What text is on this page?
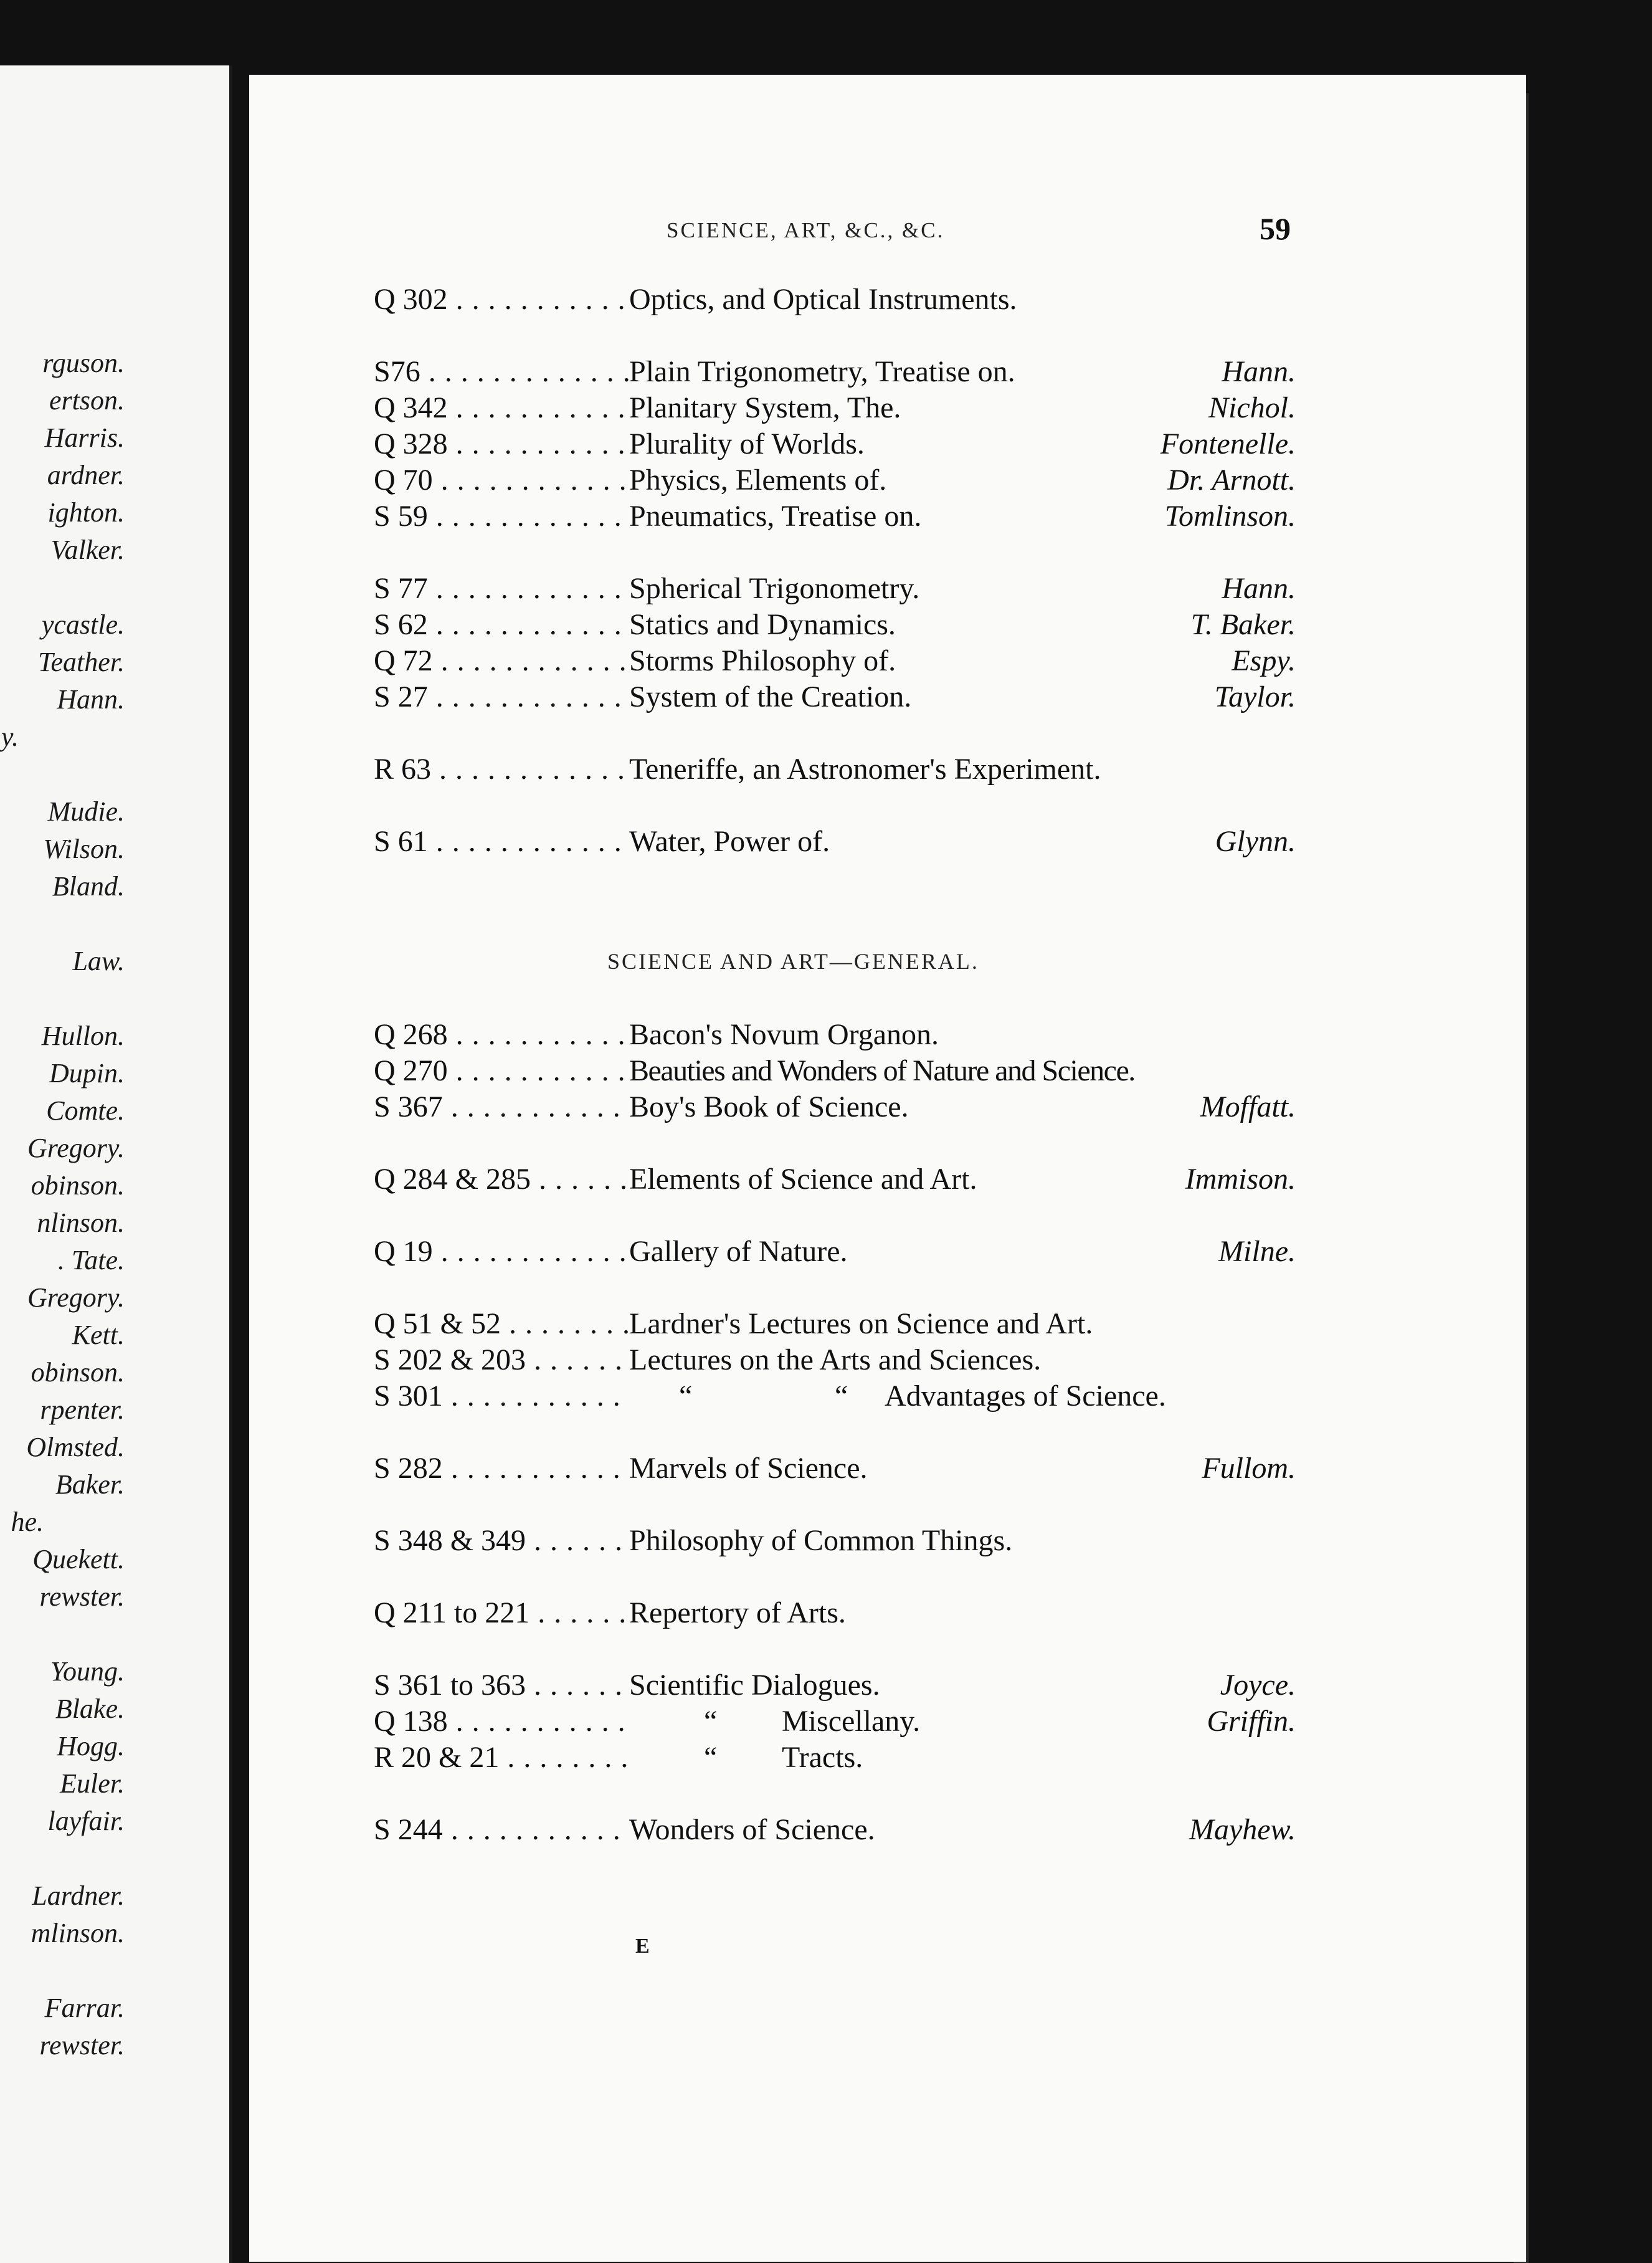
rguson.
ertson.
Harris.
ardner.
ighton.
Valker.
ycastle.
Teather.
Hann.
y.
Mudie.
Wilson.
Bland.
Law.
Hullon.
Dupin.
Comte.
Gregory.
obinson.
nlinson.
. Tate.
Gregory.
Kett.
obinson.
rpenter.
Olmsted.
Baker.
he.
Quekett.
rewster.
Young.
Blake.
Hogg.
Euler.
layfair.
Lardner.
mlinson.
Farrar.
rewster.
SCIENCE, ART, &C., &C.	59
Q 302 . . .	Optics, and Optical Instruments.
S76 . . .	Plain Trigonometry, Treatise on.	Hann.
Q 342 . . .	Planitary System, The.	Nichol.
Q 328 . . .	Plurality of Worlds.	Fontenelle.
Q 70 . . .	Physics, Elements of.	Dr. Arnott.
S 59 . . .	Pneumatics, Treatise on.	Tomlinson.
S 77 . . .	Spherical Trigonometry.	Hann.
S 62 . . .	Statics and Dynamics.	T. Baker.
Q 72 . . .	Storms Philosophy of.	Espy.
S 27 . . .	System of the Creation.	Taylor.
R 63 . . .	Teneriffe, an Astronomer's Experiment.
S 61 . . .	Water, Power of.	Glynn.
SCIENCE AND ART—GENERAL.
Q 268 . . .	Bacon's Novum Organon.
Q 270 . . .	Beauties and Wonders of Nature and Science.
S 367 . . .	Boy's Book of Science.	Moffatt.
Q 284 & 285 . . .	Elements of Science and Art.	Immison.
Q 19 . . .	Gallery of Nature.	Milne.
Q 51 & 52 . . .	Lardner's Lectures on Science and Art.
S 202 & 203 . . .	Lectures on the Arts and Sciences.
S 301 . . .	“	“ Advantages of Science.
S 282 . . .	Marvels of Science.	Fullom.
S 348 & 349 . . .	Philosophy of Common Things.
Q 211 to 221 . . .	Repertory of Arts.
S 361 to 363 . . .	Scientific Dialogues.	Joyce.
Q 138 . . .	“ Miscellany.	Griffin.
R 20 & 21 . . .	“ Tracts.
S 244 . . .	Wonders of Science.	Mayhew.
E
